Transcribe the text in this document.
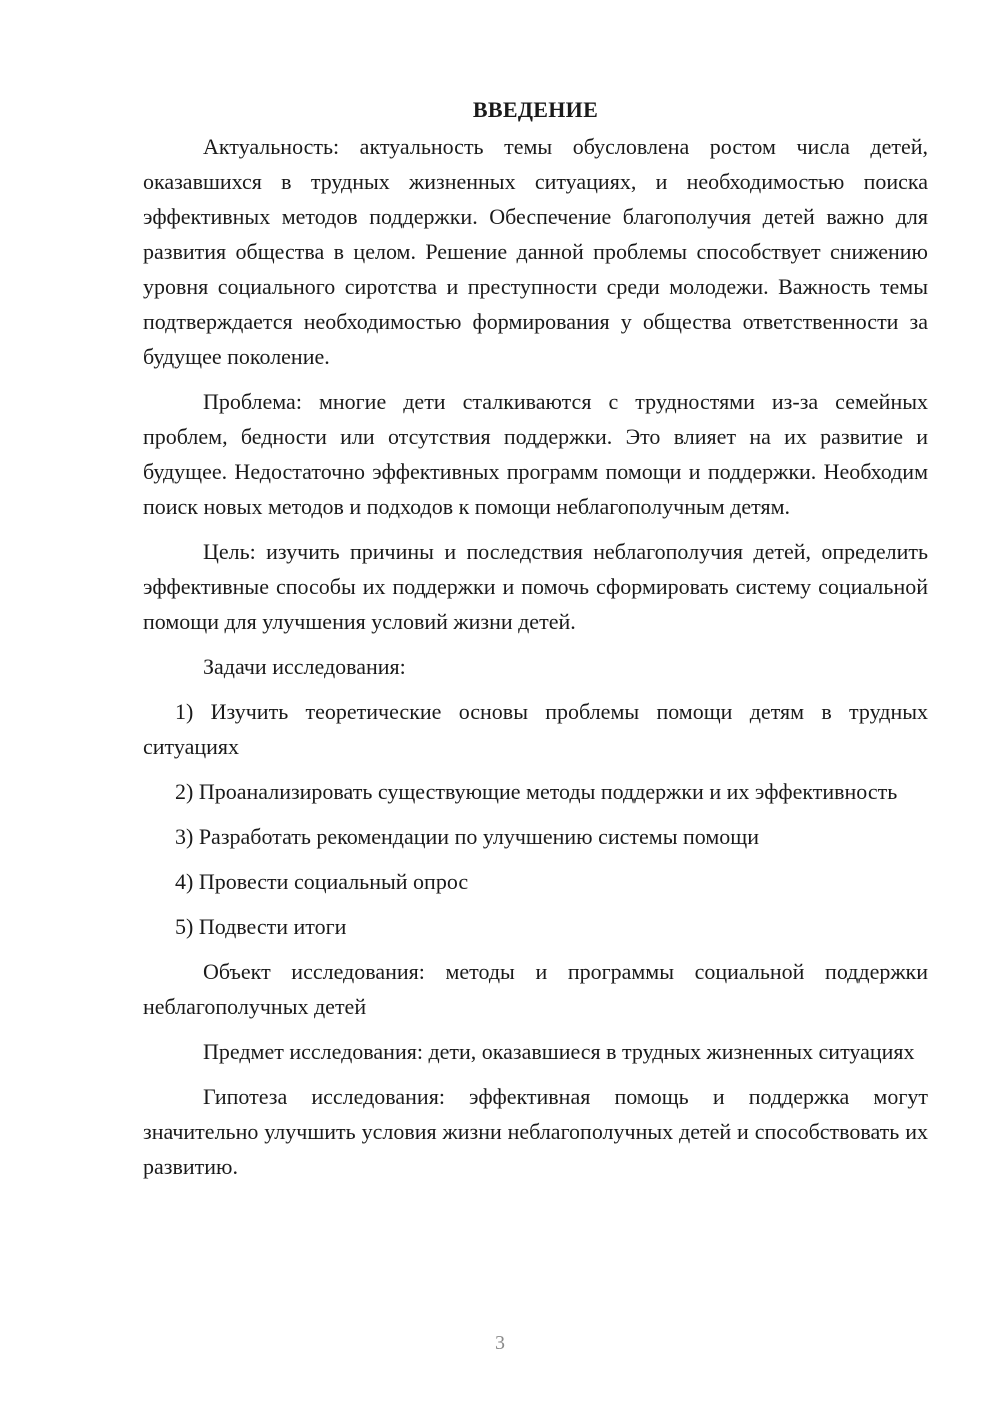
ВВЕДЕНИЕ

Актуальность: актуальность темы обусловлена ростом числа детей, оказавшихся в трудных жизненных ситуациях, и необходимостью поиска эффективных методов поддержки. Обеспечение благополучия детей важно для развития общества в целом. Решение данной проблемы способствует снижению уровня социального сиротства и преступности среди молодежи. Важность темы подтверждается необходимостью формирования у общества ответственности за будущее поколение.

Проблема: многие дети сталкиваются с трудностями из-за семейных проблем, бедности или отсутствия поддержки. Это влияет на их развитие и будущее. Недостаточно эффективных программ помощи и поддержки. Необходим поиск новых методов и подходов к помощи неблагополучным детям.

Цель: изучить причины и последствия неблагополучия детей, определить эффективные способы их поддержки и помочь сформировать систему социальной помощи для улучшения условий жизни детей.

Задачи исследования:

1) Изучить теоретические основы проблемы помощи детям в трудных ситуациях

2) Проанализировать существующие методы поддержки и их эффективность

3) Разработать рекомендации по улучшению системы помощи

4) Провести социальный опрос

5) Подвести итоги

Объект исследования: методы и программы социальной поддержки неблагополучных детей

Предмет исследования: дети, оказавшиеся в трудных жизненных ситуациях

Гипотеза исследования: эффективная помощь и поддержка могут значительно улучшить условия жизни неблагополучных детей и способствовать их развитию.

3
